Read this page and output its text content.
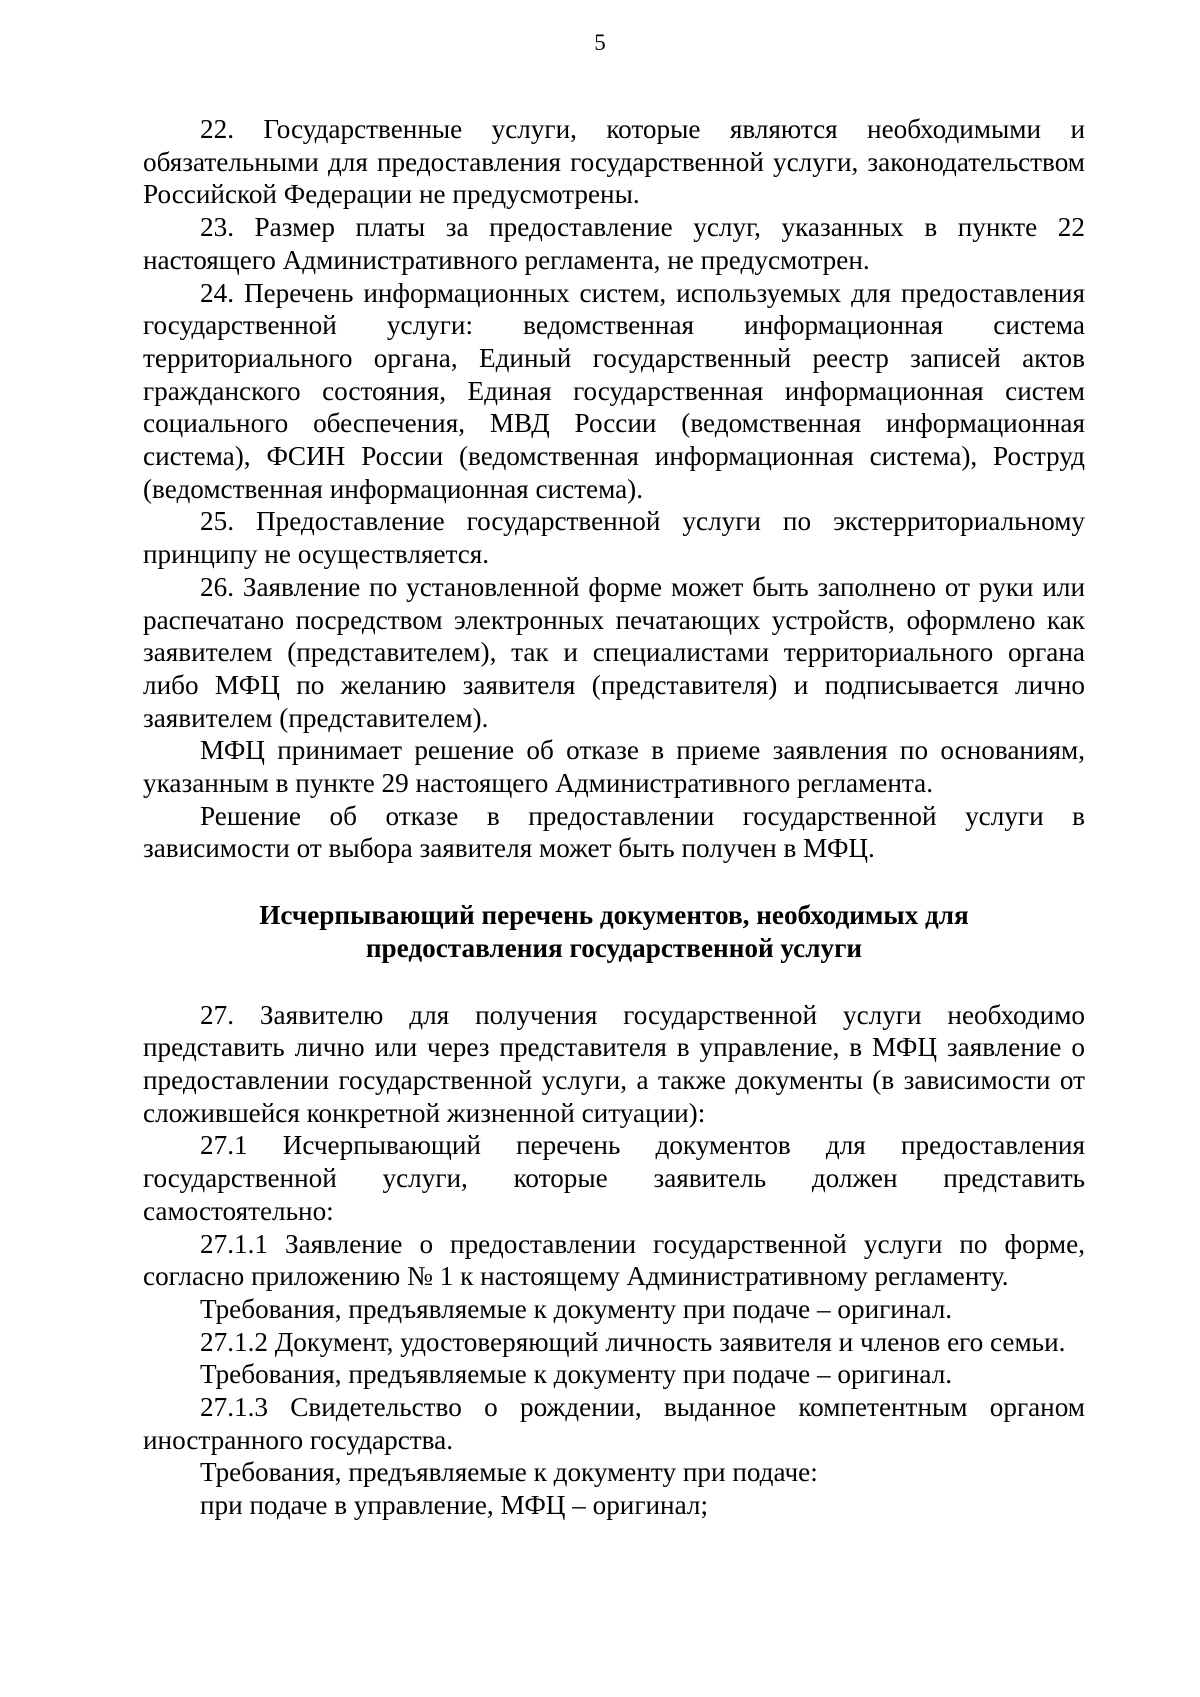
5

22. Государственные услуги, которые являются необходимыми и обязательными для предоставления государственной услуги, законодательством Российской Федерации не предусмотрены.

23. Размер платы за предоставление услуг, указанных в пункте 22 настоящего Административного регламента, не предусмотрен.

24. Перечень информационных систем, используемых для предоставления государственной услуги: ведомственная информационная система территориального органа, Единый государственный реестр записей актов гражданского состояния, Единая государственная информационная систем социального обеспечения, МВД России (ведомственная информационная система), ФСИН России (ведомственная информационная система), Роструд (ведомственная информационная система).

25. Предоставление государственной услуги по экстерриториальному принципу не осуществляется.

26. Заявление по установленной форме может быть заполнено от руки или распечатано посредством электронных печатающих устройств, оформлено как заявителем (представителем), так и специалистами территориального органа либо МФЦ по желанию заявителя (представителя) и подписывается лично заявителем (представителем).

МФЦ принимает решение об отказе в приеме заявления по основаниям, указанным в пункте 29 настоящего Административного регламента.

Решение об отказе в предоставлении государственной услуги в зависимости от выбора заявителя может быть получен в МФЦ.

Исчерпывающий перечень документов, необходимых для
предоставления государственной услуги

27. Заявителю для получения государственной услуги необходимо представить лично или через представителя в управление, в МФЦ заявление о предоставлении государственной услуги, а также документы (в зависимости от сложившейся конкретной жизненной ситуации):

27.1 Исчерпывающий перечень документов для предоставления государственной услуги, которые заявитель должен представить самостоятельно:

27.1.1 Заявление о предоставлении государственной услуги по форме, согласно приложению № 1 к настоящему Административному регламенту.

Требования, предъявляемые к документу при подаче – оригинал.

27.1.2 Документ, удостоверяющий личность заявителя и членов его семьи.

Требования, предъявляемые к документу при подаче – оригинал.

27.1.3 Свидетельство о рождении, выданное компетентным органом иностранного государства.

Требования, предъявляемые к документу при подаче:

при подаче в управление, МФЦ – оригинал;
